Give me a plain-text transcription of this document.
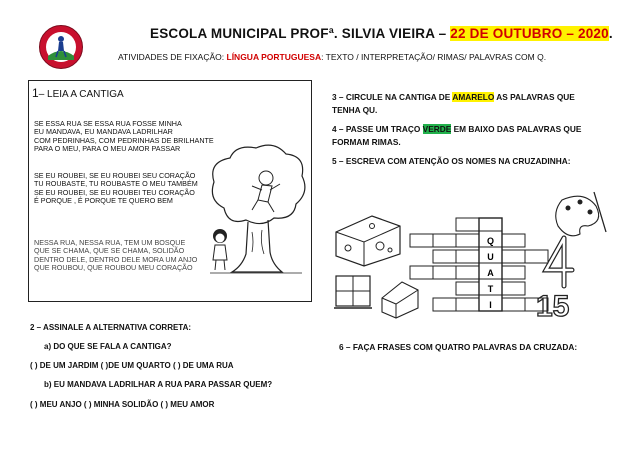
ESCOLA MUNICIPAL PROFª. SILVIA VIEIRA – 22 DE OUTUBRO – 2020.
ATIVIDADES DE FIXAÇÃO: LÍNGUA PORTUGUESA: TEXTO / INTERPRETAÇÃO/ RIMAS/ PALAVRAS COM Q.
1– LEIA A CANTIGA
SE ESSA RUA SE ESSA RUA FOSSE MINHA
EU MANDAVA, EU MANDAVA LADRILHAR
COM PEDRINHAS, COM PEDRINHAS DE BRILHANTE
PARA O MEU, PARA O MEU AMOR PASSAR
SE EU ROUBEI, SE EU ROUBEI SEU CORAÇÃO
TU ROUBASTE, TU ROUBASTE O MEU TAMBÉM
SE EU ROUBEI, SE EU ROUBEI TEU CORAÇÃO
É PORQUE , É PORQUE TE QUERO BEM
NESSA RUA, NESSA RUA, TEM UM BOSQUE
QUE SE CHAMA, QUE SE CHAMA, SOLIDÃO
DENTRO DELE, DENTRO DELE MORA UM ANJO
QUE ROUBOU, QUE ROUBOU MEU CORAÇÃO
3 – CIRCULE NA CANTIGA DE AMARELO AS PALAVRAS QUE
TENHA QU.
4 – PASSE UM TRAÇO VERDE EM BAIXO DAS PALAVRAS QUE
FORMAM RIMAS.
5 – ESCREVA COM ATENÇÃO OS NOMES NA CRUZADINHA:
15
Q
U
A
T
I
2 – ASSINALE A ALTERNATIVA CORRETA:
a) DO QUE SE FALA A CANTIGA?
( ) DE UM JARDIM ( )DE UM QUARTO ( ) DE UMA RUA
b) EU MANDAVA LADRILHAR A RUA PARA PASSAR QUEM?
( ) MEU ANJO ( ) MINHA SOLIDÃO ( ) MEU AMOR
6 – FAÇA FRASES COM QUATRO PALAVRAS DA CRUZADA:
